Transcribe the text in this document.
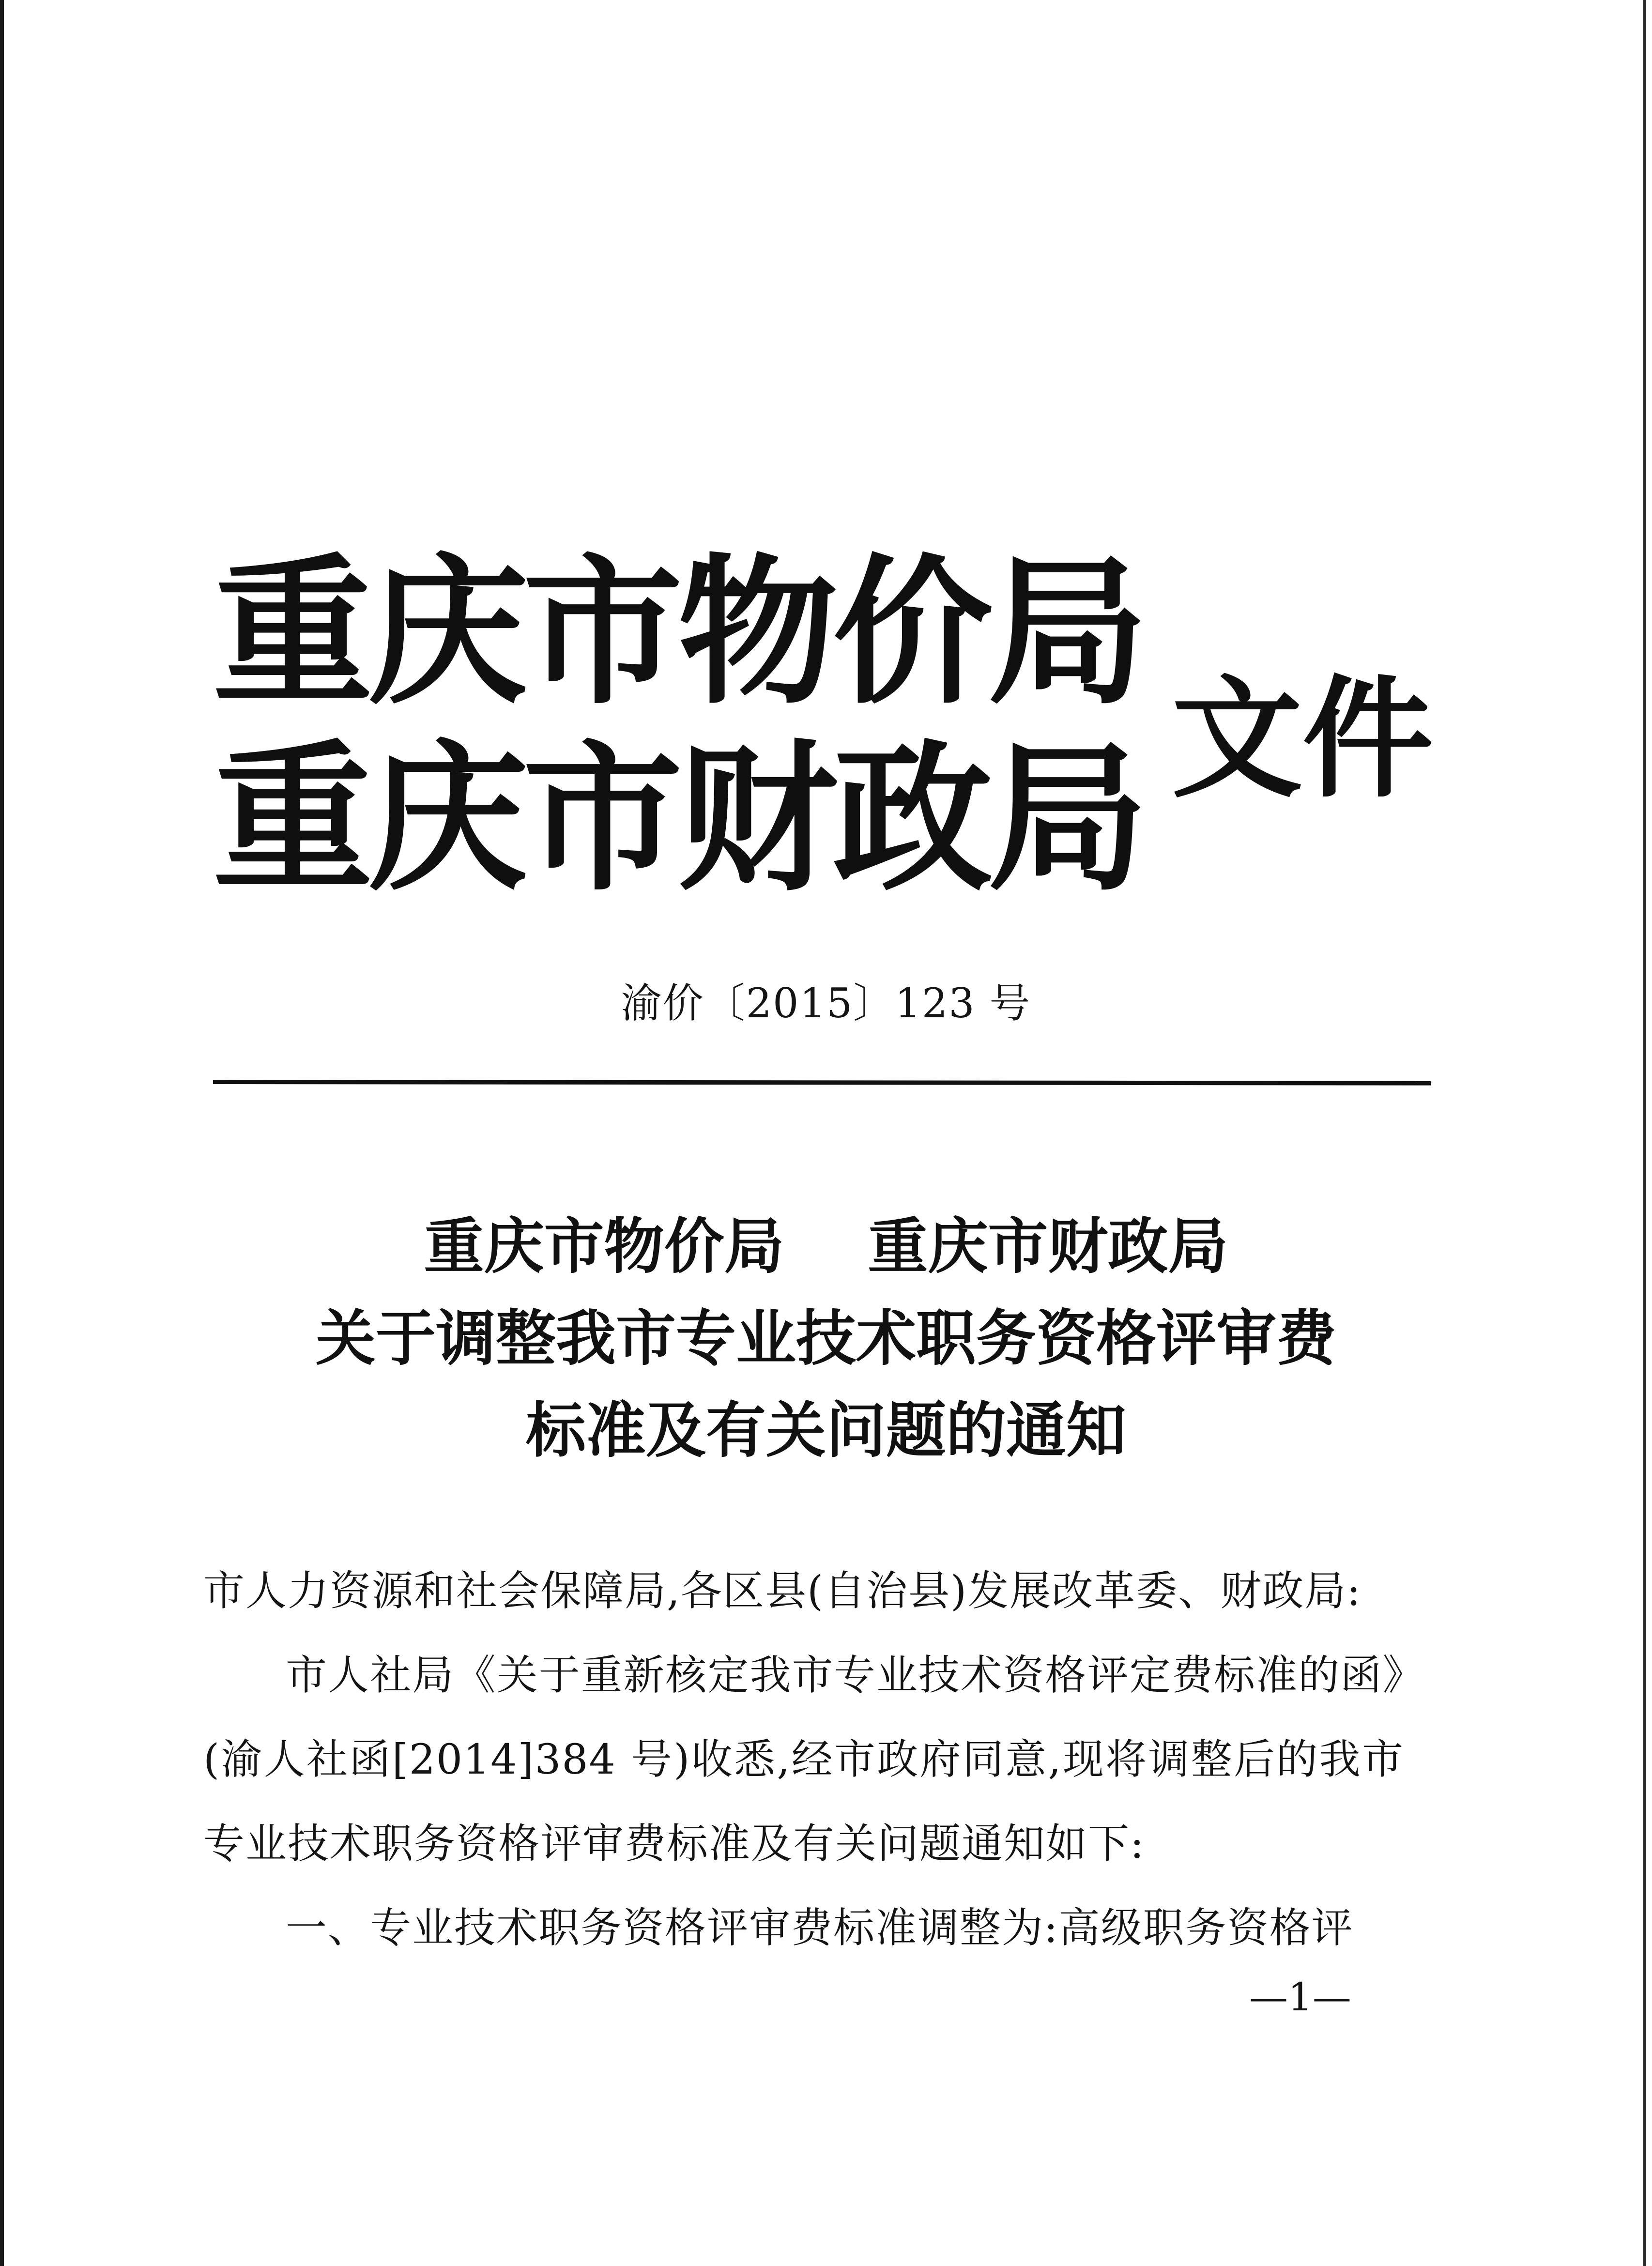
重庆市物价局
重庆市财政局 文件
渝价〔2015〕123 号
重庆市物价局    重庆市财政局
关于调整我市专业技术职务资格评审费
标准及有关问题的通知

市人力资源和社会保障局,各区县(自治县)发展改革委、财政局:

市人社局《关于重新核定我市专业技术资格评定费标准的函》(渝人社函[2014]384 号)收悉,经市政府同意,现将调整后的我市专业技术职务资格评审费标准及有关问题通知如下:

一、专业技术职务资格评审费标准调整为:高级职务资格评

—1—
